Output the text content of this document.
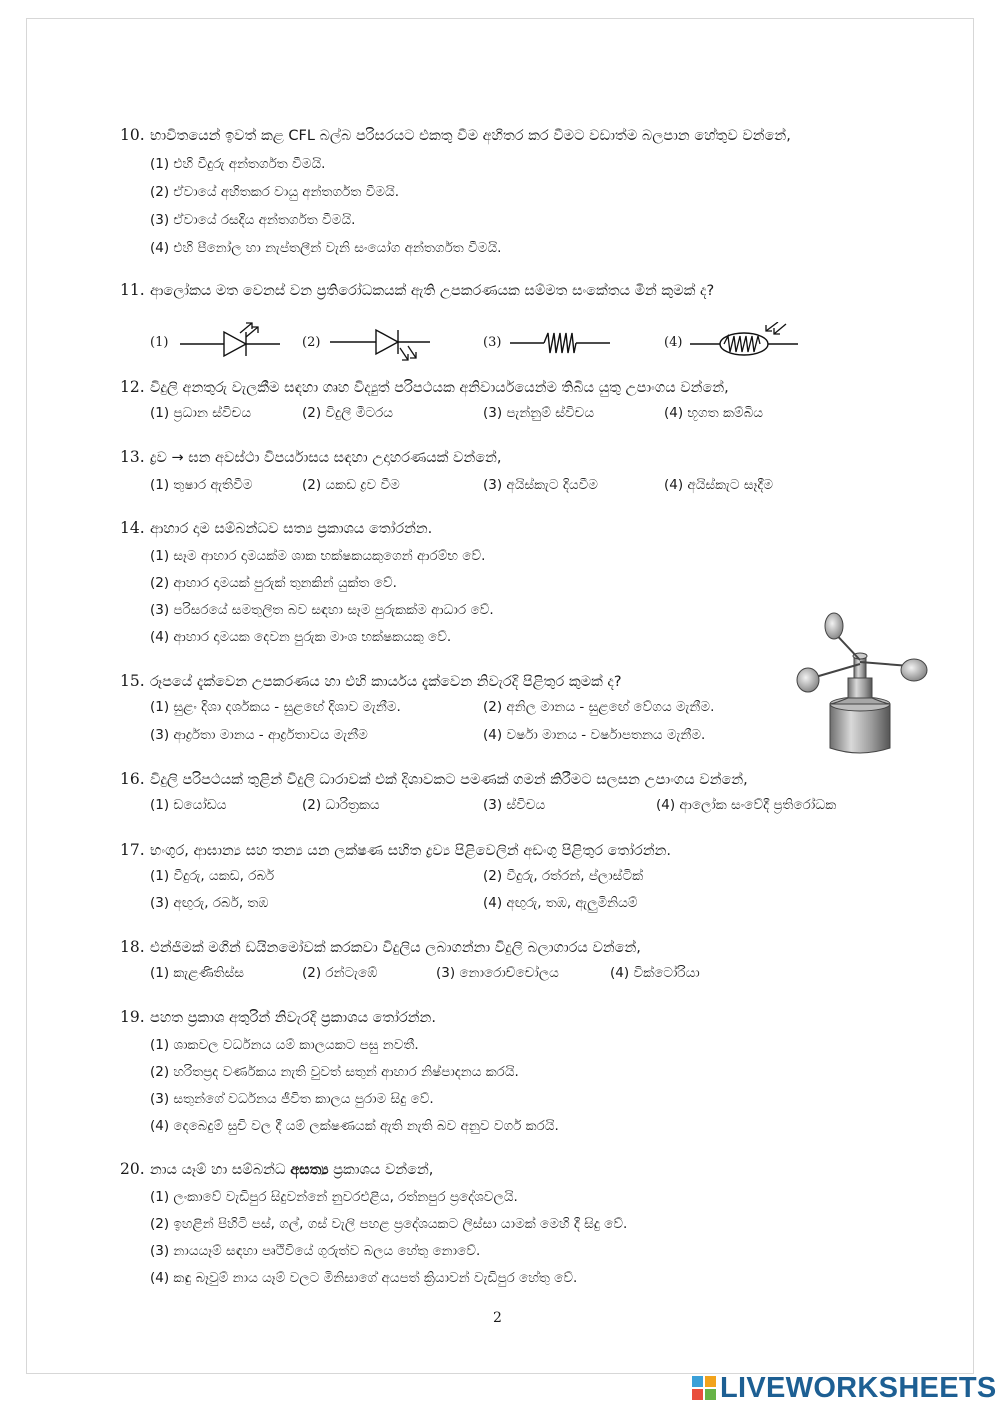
10. භාවිතයෙන් ඉවත් කළ CFL බල්බ පරිසරයට එකතු වීම අහිතර කර වීමට වඩාත්ම බලපාන හේතුව වන්නේ,
(1) එහි වීදුරු අන්තර්ගත වීමයි.
(2) ඒවායේ අහිතකර වායු අන්තර්ගත වීමයි.
(3) ඒවායේ රසදිය අන්තර්ගත වීමයි.
(4) එහි පීනෝල හා නැප්තලීන් වැනි සංයෝග අන්තර්ගත වීමයි.
11. ආලෝකය මත වෙනස් වන ප්‍රතිරෝධකයක් ඇති උපකරණයක සම්මත සංකේතය මින් කුමක් ද?
(1)	(2)	(3)	(4)
12. විදුලි අනතුරු වැලකීම සඳහා ගෘහ විද්‍යුත් පරිපථයක අනිවාර්යයෙන්ම තිබිය යුතු උපාංගය වන්නේ,
(1) ප්‍රධාන ස්විචය	(2) විදුලි මීටරය	(3) පැන්නුම් ස්විචය	(4) භූගත කම්බිය
13. ද්‍රව → ඝන අවස්ථා විපර්යාසය සඳහා උදාහරණයක් වන්නේ,
(1) තුෂාර ඇතිවීම	(2) යකඩ ද්‍රව වීම	(3) අයිස්කැට දියවීම	(4) අයිස්කැට සෑදීම
14. ආහාර දාම සම්බන්ධව සත්‍ය ප්‍රකාශය තෝරන්න.
(1) සෑම ආහාර දාමයක්ම ශාක භක්ෂකයකුගෙන් ආරම්භ වේ.
(2) ආහාර දාමයක් පුරුක් තුනකින් යුක්ත වේ.
(3) පරිසරයේ සමතුලිත බව සඳහා සෑම පුරුකක්ම ආධාර වේ.
(4) ආහාර දාමයක දෙවන පුරුක මාංශ භක්ෂකයකු වේ.
15. රූපයේ දැක්වෙන උපකරණය හා එහි කාර්යය දැක්වෙන නිවැරදි පිළිතුර කුමක් ද?
(1) සුළං දිශා දර්ශකය - සුළඟේ දිශාව මැනීම.	(2) අනිල මානය - සුළඟේ වේගය මැනීම.
(3) ආර්ද්‍රතා මානය - ආර්ද්‍රතාවය මැනීම	(4) වර්ෂා මානය - වර්ෂාපතනය මැනීම.
16. විදුලි පරිපථයක් තුළින් විදුලි ධාරාවක් එක් දිශාවකට පමණක් ගමන් කිරීමට සලසන උපාංගය වන්නේ,
(1) ඩයෝඩය	(2) ධාරිත්‍රකය	(3) ස්විචය	(4) ආලෝක සංවේදී ප්‍රතිරෝධක
17. භංගුර, ආඝාන්‍ය සහ තන්‍ය යන ලක්ෂණ සහිත ද්‍රව්‍ය පිළිවෙලින් අඩංගු පිළිතුර තෝරන්න.
(1) වීදුරු, යකඩ, රබර්	(2) වීදුරු, රත්රන්, ප්ලාස්ටික්
(3) අඟුරු, රබර්, තඹ	(4) අඟුරු, තඹ, ඇලුමිනියම්
18. එන්ජිමක් මගින් ඩයිනමෝවක් කරකවා විදුලිය ලබාගන්නා විදුලි බලාගාරය වන්නේ,
(1) කැළණිතිස්ස	(2) රන්ටැඹේ	(3) නොරොච්චෝලය	(4) වික්ටෝරියා
19. පහත ප්‍රකාශ අතුරින් නිවැරදි ප්‍රකාශය තෝරන්න.
(1) ශාකවල වර්ධනය යම් කාලයකට පසු නවතී.
(2) හරිතප්‍රද වර්ණකය නැති වුවත් සතුන් ආහාර නිෂ්පාදනය කරයි.
(3) සතුන්ගේ වර්ධනය ජීවිත කාලය පුරාම සිදු වේ.
(4) දෙබෙදුම් සුචි වල දී යම් ලක්ෂණයක් ඇති නැති බව අනුව වර්ග කරයි.
20. නාය යෑම් හා සම්බන්ධ අසත්‍ය ප්‍රකාශය වන්නේ,
(1) ලංකාවේ වැඩිපුර සිදුවන්නේ නුවරඑළිය, රත්නපුර ප්‍රදේශවලයි.
(2) ඉහළින් පිහිටි පස්, ගල්, ගස් වැලි පහළ ප්‍රදේශයකට ලිස්සා යාමක් මෙහි දී සිදු වේ.
(3) නායයෑම් සඳහා පෘථිවියේ ගුරුත්ව බලය හේතු නොවේ.
(4) කඳු බෑවුම් නාය යෑම් වලට මිනිසාගේ අයපත් ක්‍රියාවන් වැඩිපුර හේතු වේ.
2
LIVEWORKSHEETS
